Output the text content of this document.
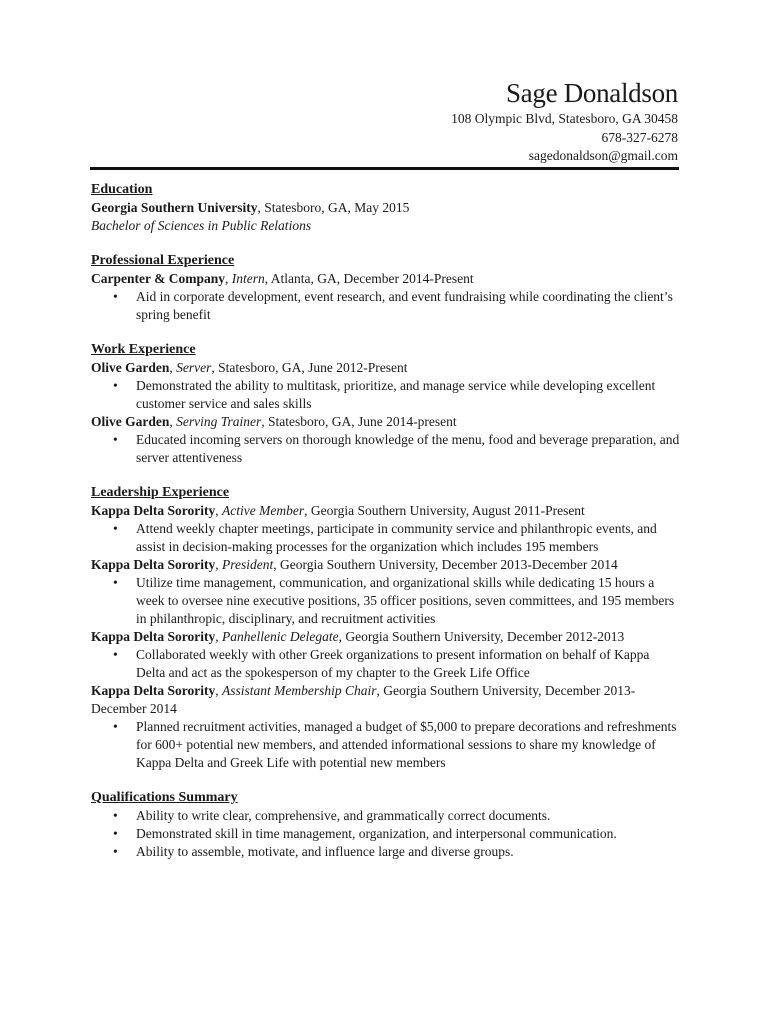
Sage Donaldson
108 Olympic Blvd, Statesboro, GA 30458
678-327-6278
sagedonaldson@gmail.com
Education
Georgia Southern University, Statesboro, GA, May 2015
Bachelor of Sciences in Public Relations
Professional Experience
Carpenter & Company, Intern, Atlanta, GA, December 2014-Present
• Aid in corporate development, event research, and event fundraising while coordinating the client’s spring benefit
Work Experience
Olive Garden, Server, Statesboro, GA, June 2012-Present
• Demonstrated the ability to multitask, prioritize, and manage service while developing excellent customer service and sales skills
Olive Garden, Serving Trainer, Statesboro, GA, June 2014-present
• Educated incoming servers on thorough knowledge of the menu, food and beverage preparation, and server attentiveness
Leadership Experience
Kappa Delta Sorority, Active Member, Georgia Southern University, August 2011-Present
• Attend weekly chapter meetings, participate in community service and philanthropic events, and assist in decision-making processes for the organization which includes 195 members
Kappa Delta Sorority, President, Georgia Southern University, December 2013-December 2014
• Utilize time management, communication, and organizational skills while dedicating 15 hours a week to oversee nine executive positions, 35 officer positions, seven committees, and 195 members in philanthropic, disciplinary, and recruitment activities
Kappa Delta Sorority, Panhellenic Delegate, Georgia Southern University, December 2012-2013
• Collaborated weekly with other Greek organizations to present information on behalf of Kappa Delta and act as the spokesperson of my chapter to the Greek Life Office
Kappa Delta Sorority, Assistant Membership Chair, Georgia Southern University, December 2013-December 2014
• Planned recruitment activities, managed a budget of $5,000 to prepare decorations and refreshments for 600+ potential new members, and attended informational sessions to share my knowledge of Kappa Delta and Greek Life with potential new members
Qualifications Summary
• Ability to write clear, comprehensive, and grammatically correct documents.
• Demonstrated skill in time management, organization, and interpersonal communication.
• Ability to assemble, motivate, and influence large and diverse groups.
